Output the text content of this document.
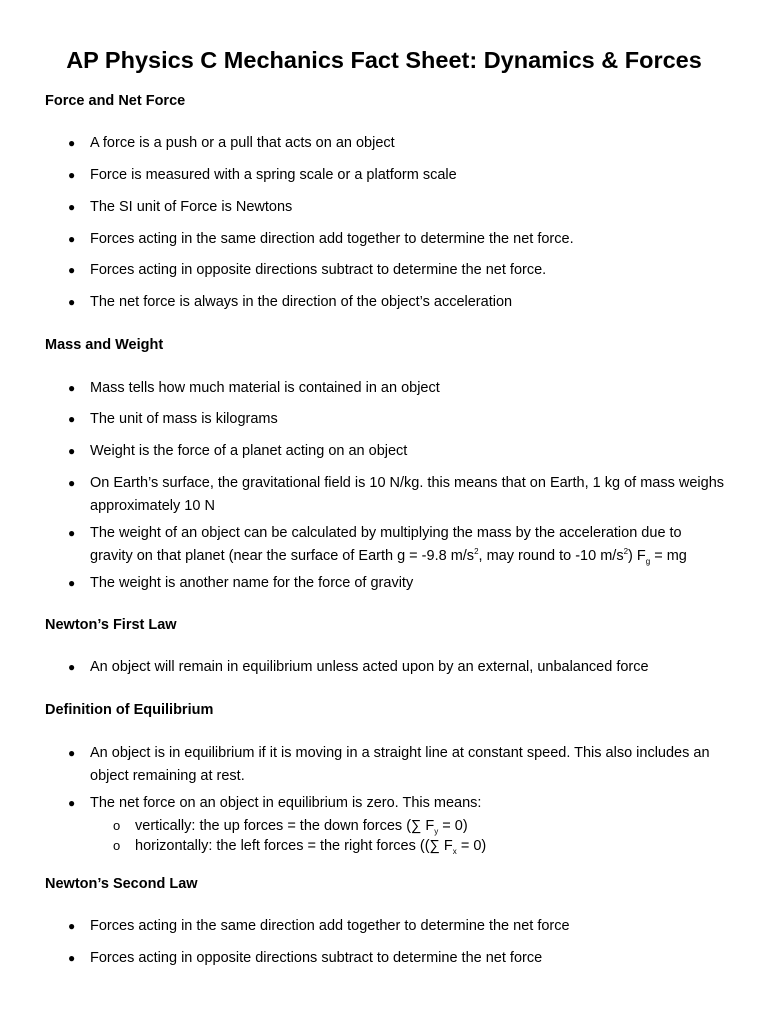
AP Physics C Mechanics Fact Sheet: Dynamics & Forces
Force and Net Force
●	A force is a push or a pull that acts on an object
●	Force is measured with a spring scale or a platform scale
●	The SI unit of Force is Newtons
●	Forces acting in the same direction add together to determine the net force.
●	Forces acting in opposite directions subtract to determine the net force.
●	The net force is always in the direction of the object’s acceleration
Mass and Weight
●	Mass tells how much material is contained in an object
●	The unit of mass is kilograms
●	Weight is the force of a planet acting on an object
●	On Earth’s surface, the gravitational field is 10 N/kg. this means that on Earth, 1 kg of mass weighs approximately 10 N
●	The weight of an object can be calculated by multiplying the mass by the acceleration due to
gravity on that planet (near the surface of Earth g = -9.8 $m/s^2$, may round to -10 $m/s^2$) $F_g$ = mg
●	The weight is another name for the force of gravity
Newton’s First Law
●	An object will remain in equilibrium unless acted upon by an external, unbalanced force
Definition of Equilibrium
●	An object is in equilibrium if it is moving in a straight line at constant speed. This also includes an object remaining at rest.
●	The net force on an object in equilibrium is zero. This means:
o vertically: the up forces = the down forces (∑ $F_y = 0$)
o horizontally: the left forces = the right forces ((∑ $F_x = 0$)
Newton’s Second Law
●	Forces acting in the same direction add together to determine the net force
●	Forces acting in opposite directions subtract to determine the net force
